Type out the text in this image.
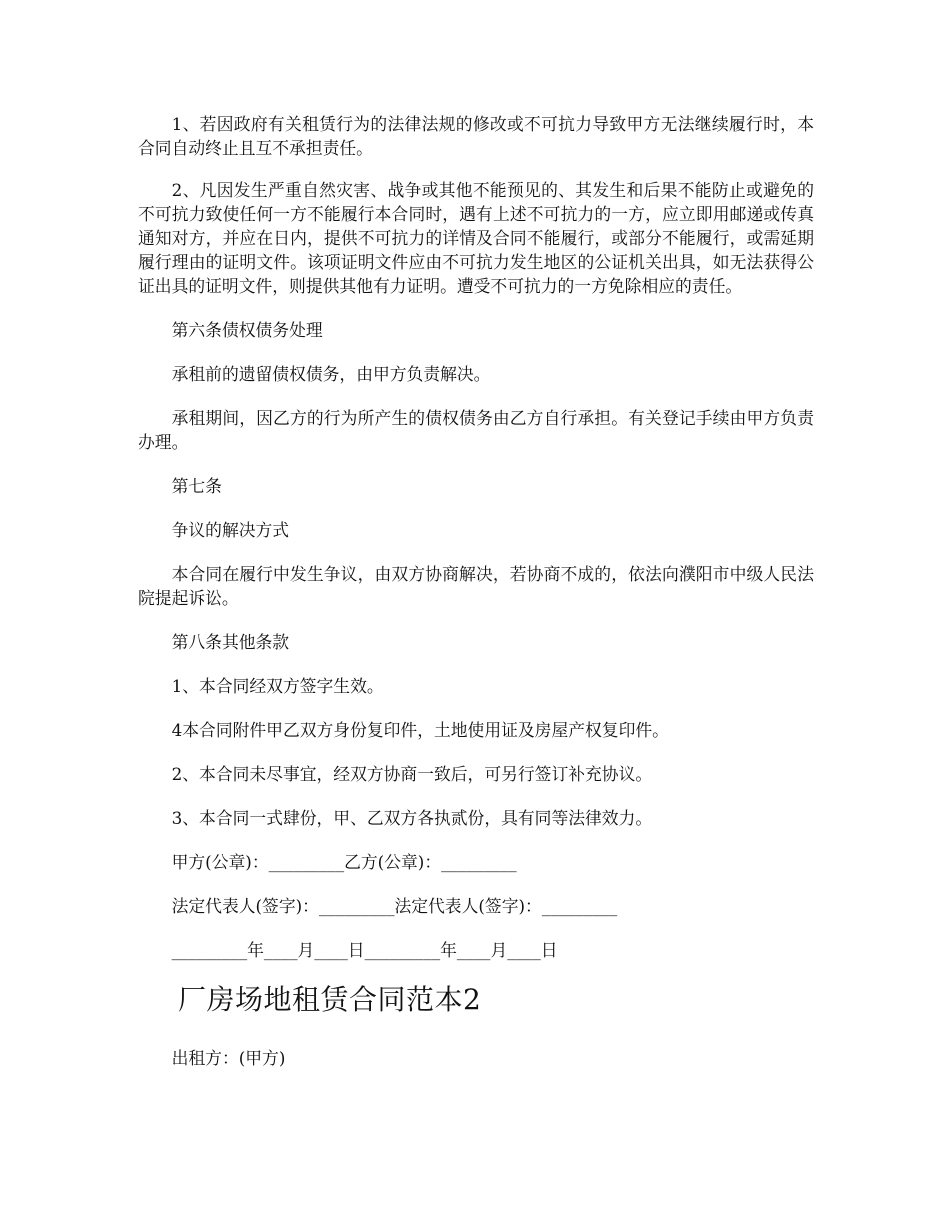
1、若因政府有关租赁行为的法律法规的修改或不可抗力导致甲方无法继续履行时，本合同自动终止且互不承担责任。

2、凡因发生严重自然灾害、战争或其他不能预见的、其发生和后果不能防止或避免的不可抗力致使任何一方不能履行本合同时，遇有上述不可抗力的一方，应立即用邮递或传真通知对方，并应在日内，提供不可抗力的详情及合同不能履行，或部分不能履行，或需延期履行理由的证明文件。该项证明文件应由不可抗力发生地区的公证机关出具，如无法获得公证出具的证明文件，则提供其他有力证明。遭受不可抗力的一方免除相应的责任。

第六条债权债务处理

承租前的遗留债权债务，由甲方负责解决。

承租期间，因乙方的行为所产生的债权债务由乙方自行承担。有关登记手续由甲方负责办理。

第七条

争议的解决方式

本合同在履行中发生争议，由双方协商解决，若协商不成的，依法向濮阳市中级人民法院提起诉讼。

第八条其他条款

1、本合同经双方签字生效。

4本合同附件甲乙双方身份复印件，土地使用证及房屋产权复印件。

2、本合同未尽事宜，经双方协商一致后，可另行签订补充协议。

3、本合同一式肆份，甲、乙双方各执贰份，具有同等法律效力。

甲方(公章)：_________乙方(公章)：_________

法定代表人(签字)：_________法定代表人(签字)：_________

_________年____月____日_________年____月____日

厂房场地租赁合同范本2

出租方：(甲方)
